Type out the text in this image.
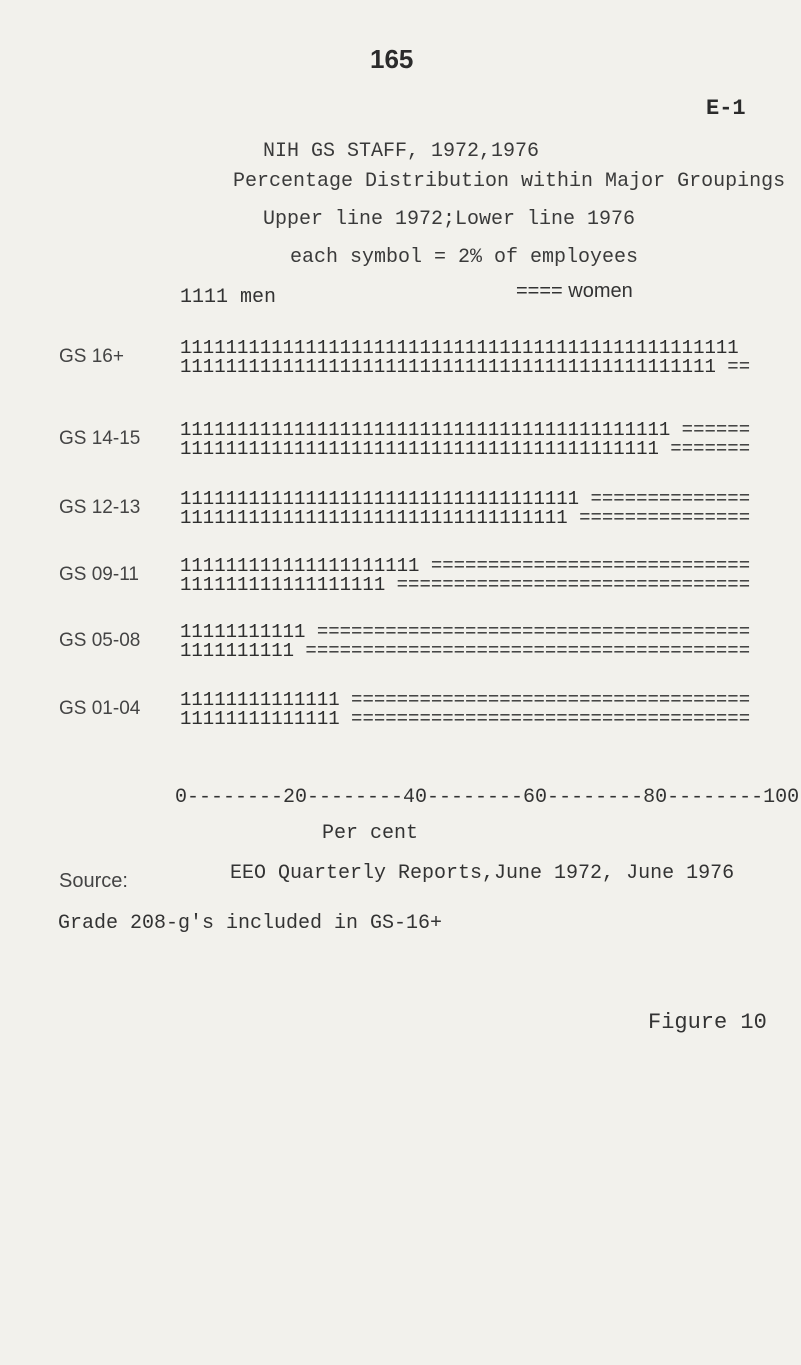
165
E-1
NIH GS STAFF, 1972,1976
Percentage Distribution within Major Groupings
Upper line 1972;Lower line 1976
each symbol = 2% of employees
1111 men	==== women
GS 16+	1111111111111111111111111111111111111111111111111
11111111111111111111111111111111111111111111111 ==
GS 14-15 1111111111111111111111111111111111111111111 ======
111111111111111111111111111111111111111111 =======
GS 12-13 11111111111111111111111111111111111 ==============
1111111111111111111111111111111111 ===============
GS 09-11 111111111111111111111 ============================
111111111111111111 ===============================
GS 05-08 11111111111 ======================================
1111111111 =======================================
GS 01-04 11111111111111 ===================================
11111111111111 ===================================
0--------20--------40--------60--------80--------100
Per cent
Source:	EEO Quarterly Reports,June 1972, June 1976
Grade 208-g's included in GS-16+
Figure 10
